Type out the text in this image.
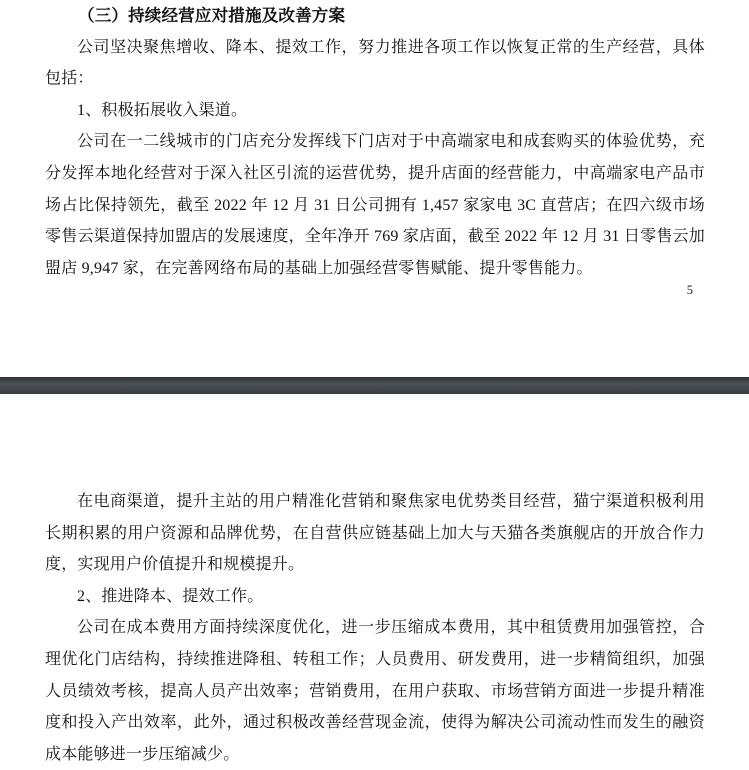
（三）持续经营应对措施及改善方案
公司坚决聚焦增收、降本、提效工作，努力推进各项工作以恢复正常的生产经营，具体
包括：
1、积极拓展收入渠道。
公司在一二线城市的门店充分发挥线下门店对于中高端家电和成套购买的体验优势，充
分发挥本地化经营对于深入社区引流的运营优势，提升店面的经营能力，中高端家电产品市
场占比保持领先，截至 2022 年 12 月 31 日公司拥有 1,457 家家电 3C 直营店；在四六级市场
零售云渠道保持加盟店的发展速度，全年净开 769 家店面，截至 2022 年 12 月 31 日零售云加
盟店 9,947 家，在完善网络布局的基础上加强经营零售赋能、提升零售能力。
5
在电商渠道，提升主站的用户精准化营销和聚焦家电优势类目经营，猫宁渠道积极利用
长期积累的用户资源和品牌优势，在自营供应链基础上加大与天猫各类旗舰店的开放合作力
度，实现用户价值提升和规模提升。
2、推进降本、提效工作。
公司在成本费用方面持续深度优化，进一步压缩成本费用，其中租赁费用加强管控，合
理优化门店结构，持续推进降租、转租工作；人员费用、研发费用，进一步精简组织，加强
人员绩效考核，提高人员产出效率；营销费用，在用户获取、市场营销方面进一步提升精准
度和投入产出效率，此外，通过积极改善经营现金流，使得为解决公司流动性而发生的融资
成本能够进一步压缩减少。
